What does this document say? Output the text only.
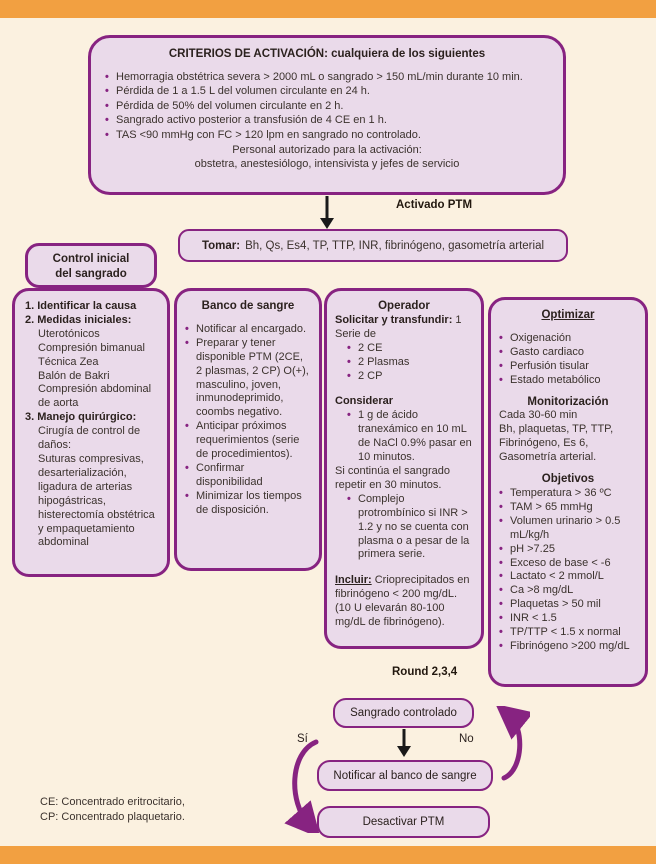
CRITERIOS DE ACTIVACIÓN: cualquiera de los siguientes
• Hemorragia obstétrica severa > 2000 mL o sangrado > 150 mL/min durante 10 min.
• Pérdida de 1 a 1.5 L del volumen circulante en 24 h.
• Pérdida de 50% del volumen circulante en 2 h.
• Sangrado activo posterior a transfusión de 4 CE en 1 h.
• TAS <90 mmHg con FC > 120 lpm en sangrado no controlado.
Personal autorizado para la activación:
obstetra, anestesiólogo, intensivista y jefes de servicio
Activado PTM
Tomar: Bh, Qs, Es4, TP, TTP, INR, fibrinógeno, gasometría arterial
Control inicial
del sangrado
1. Identificar la causa
2. Medidas iniciales:
Uterotónicos
Compresión bimanual
Técnica Zea
Balón de Bakri
Compresión abdominal de aorta
3. Manejo quirúrgico:
Cirugía de control de daños:
Suturas compresivas, desarterialización, ligadura de arterias hipogástricas, histerectomía obstétrica y empaquetamiento abdominal
Banco de sangre
• Notificar al encargado.
• Preparar y tener disponible PTM (2CE, 2 plasmas, 2 CP) O(+), masculino, joven, inmunodeprimido, coombs negativo.
• Anticipar próximos requerimientos (serie de procedimientos).
• Confirmar disponibilidad
• Minimizar los tiempos de disposición.
Operador
Solicitar y transfundir: 1
Serie de
• 2 CE
• 2 Plasmas
• 2 CP
Considerar
• 1 g de ácido tranexámico en 10 mL de NaCl 0.9% pasar en 10 minutos.
Si continúa el sangrado repetir en 30 minutos.
• Complejo protrombínico si INR > 1.2 y no se cuenta con plasma o a pesar de la primera serie.
Incluir: Crioprecipitados en fibrinógeno < 200 mg/dL. (10 U elevarán 80-100 mg/dL de fibrinógeno).
Optimizar
• Oxigenación
• Gasto cardiaco
• Perfusión tisular
• Estado metabólico
Monitorización
Cada 30-60 min
Bh, plaquetas, TP, TTP,
Fibrinógeno, Es 6,
Gasometría arterial.
Objetivos
• Temperatura > 36 ºC
• TAM > 65 mmHg
• Volumen urinario > 0.5 mL/kg/h
• pH >7.25
• Exceso de base < -6
• Lactato < 2 mmol/L
• Ca >8 mg/dL
• Plaquetas > 50 mil
• INR < 1.5
• TP/TTP < 1.5 x normal
• Fibrinógeno >200 mg/dL
Round 2,3,4
Sangrado controlado
Sí	No
Notificar al banco de sangre
Desactivar PTM
CE: Concentrado eritrocitario,
CP: Concentrado plaquetario.
